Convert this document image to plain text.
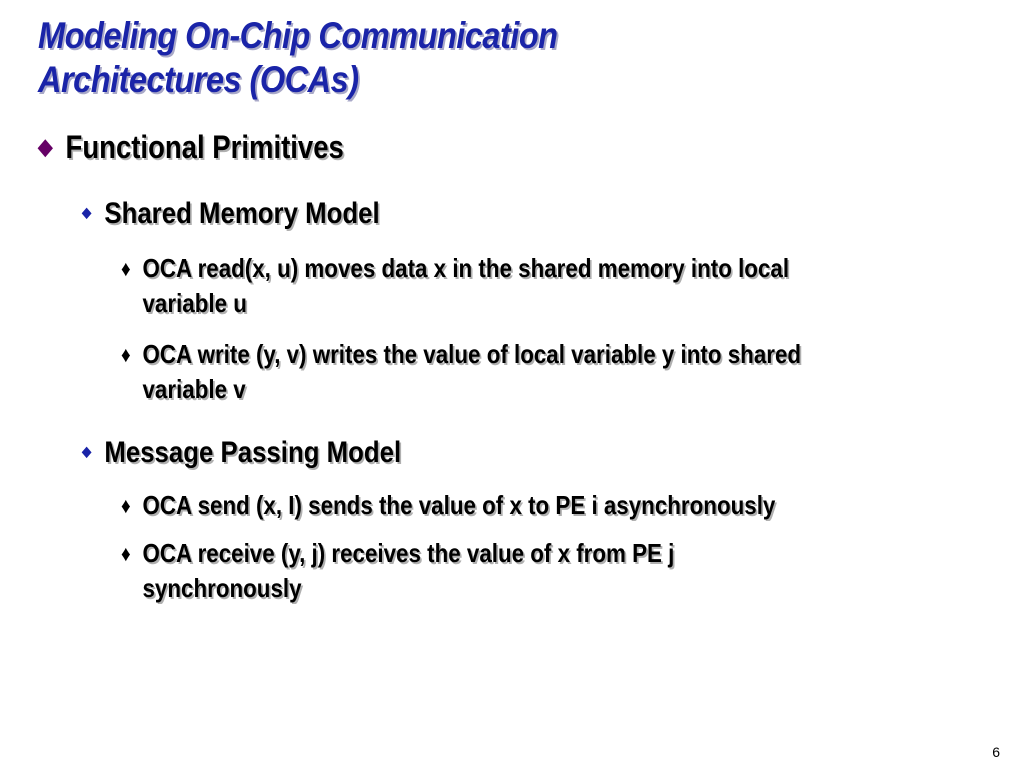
Modeling On-Chip Communication
Architectures (OCAs)
◆ Functional Primitives
◆ Shared Memory Model
♦ OCA read(x, u) moves data x in the shared memory into local
variable u
♦ OCA write (y, v) writes the value of local variable y into shared
variable v
◆ Message Passing Model
♦ OCA send (x, I) sends the value of x to PE i asynchronously
♦ OCA receive (y, j) receives the value of x from PE j
synchronously
6
